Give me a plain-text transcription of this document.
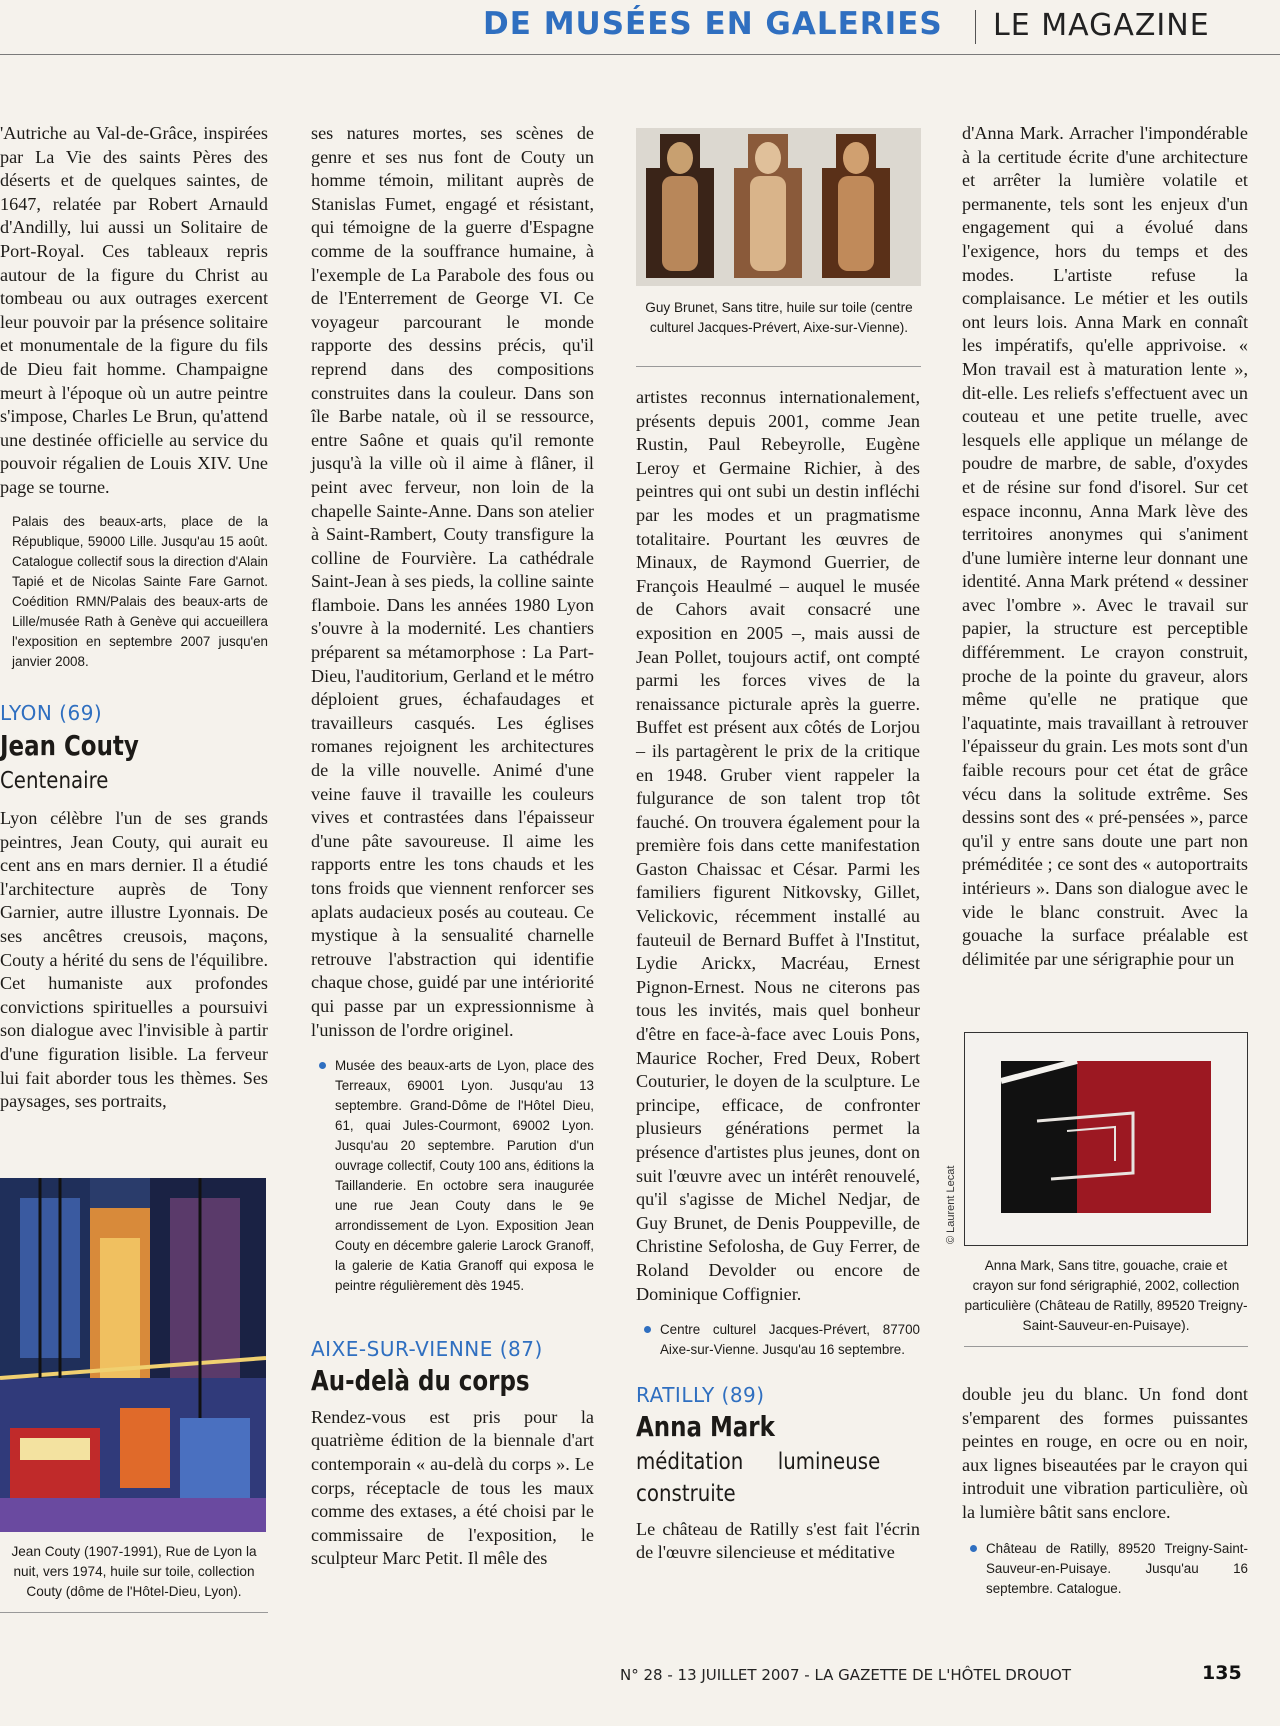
DE MUSÉES EN GALERIES LE MAGAZINE

'Autriche au Val-de-Grâce, inspirées par La Vie des saints Pères des déserts et de quelques saintes, de 1647, relatée par Robert Arnauld d'Andilly, lui aussi un Solitaire de Port-Royal. Ces tableaux repris autour de la figure du Christ au tombeau ou aux outrages exercent leur pouvoir par la présence solitaire et monumentale de la figure du fils de Dieu fait homme. Champaigne meurt à l'époque où un autre peintre s'impose, Charles Le Brun, qu'attend une destinée officielle au service du pouvoir régalien de Louis XIV. Une page se tourne.

Palais des beaux-arts, place de la République, 59000 Lille. Jusqu'au 15 août. Catalogue collectif sous la direction d'Alain Tapié et de Nicolas Sainte Fare Garnot. Coédition RMN/Palais des beaux-arts de Lille/musée Rath à Genève qui accueillera l'exposition en septembre 2007 jusqu'en janvier 2008.
LYON (69)
Jean Couty
Centenaire

Lyon célèbre l'un de ses grands peintres, Jean Couty, qui aurait eu cent ans en mars dernier. Il a étudié l'architecture auprès de Tony Garnier, autre illustre Lyonnais. De ses ancêtres creusois, maçons, Couty a hérité du sens de l'équilibre. Cet humaniste aux profondes convictions spirituelles a poursuivi son dialogue avec l'invisible à partir d'une figuration lisible. La ferveur lui fait aborder tous les thèmes. Ses paysages, ses portraits,

Jean Couty (1907-1991), Rue de Lyon la nuit, vers 1974, huile sur toile, collection Couty (dôme de l'Hôtel-Dieu, Lyon).

ses natures mortes, ses scènes de genre et ses nus font de Couty un homme témoin, militant auprès de Stanislas Fumet, engagé et résistant, qui témoigne de la guerre d'Espagne comme de la souffrance humaine, à l'exemple de La Parabole des fous ou de l'Enterrement de George VI. Ce voyageur parcourant le monde rapporte des dessins précis, qu'il reprend dans des compositions construites dans la couleur. Dans son île Barbe natale, où il se ressource, entre Saône et quais qu'il remonte jusqu'à la ville où il aime à flâner, il peint avec ferveur, non loin de la chapelle Sainte-Anne. Dans son atelier à Saint-Rambert, Couty transfigure la colline de Fourvière. La cathédrale Saint-Jean à ses pieds, la colline sainte flamboie. Dans les années 1980 Lyon s'ouvre à la modernité. Les chantiers préparent sa métamorphose : La Part-Dieu, l'auditorium, Gerland et le métro déploient grues, échafaudages et travailleurs casqués. Les églises romanes rejoignent les architectures de la ville nouvelle. Animé d'une veine fauve il travaille les couleurs vives et contrastées dans l'épaisseur d'une pâte savoureuse. Il aime les rapports entre les tons chauds et les tons froids que viennent renforcer ses aplats audacieux posés au couteau. Ce mystique à la sensualité charnelle retrouve l'abstraction qui identifie chaque chose, guidé par une intériorité qui passe par un expressionnisme à l'unisson de l'ordre originel.

Musée des beaux-arts de Lyon, place des Terreaux, 69001 Lyon. Jusqu'au 13 septembre. Grand-Dôme de l'Hôtel Dieu, 61, quai Jules-Courmont, 69002 Lyon. Jusqu'au 20 septembre. Parution d'un ouvrage collectif, Couty 100 ans, éditions la Taillanderie. En octobre sera inaugurée une rue Jean Couty dans le 9e arrondissement de Lyon. Exposition Jean Couty en décembre galerie Larock Granoff, la galerie de Katia Granoff qui exposa le peintre régulièrement dès 1945.
AIXE-SUR-VIENNE (87)
Au-delà du corps

Rendez-vous est pris pour la quatrième édition de la biennale d'art contemporain « au-delà du corps ». Le corps, réceptacle de tous les maux comme des extases, a été choisi par le commissaire de l'exposition, le sculpteur Marc Petit. Il mêle des

Guy Brunet, Sans titre, huile sur toile (centre culturel Jacques-Prévert, Aixe-sur-Vienne).

artistes reconnus internationalement, présents depuis 2001, comme Jean Rustin, Paul Rebeyrolle, Eugène Leroy et Germaine Richier, à des peintres qui ont subi un destin infléchi par les modes et un pragmatisme totalitaire. Pourtant les œuvres de Minaux, de Raymond Guerrier, de François Heaulmé – auquel le musée de Cahors avait consacré une exposition en 2005 –, mais aussi de Jean Pollet, toujours actif, ont compté parmi les forces vives de la renaissance picturale après la guerre. Buffet est présent aux côtés de Lorjou – ils partagèrent le prix de la critique en 1948. Gruber vient rappeler la fulgurance de son talent trop tôt fauché. On trouvera également pour la première fois dans cette manifestation Gaston Chaissac et César. Parmi les familiers figurent Nitkovsky, Gillet, Velickovic, récemment installé au fauteuil de Bernard Buffet à l'Institut, Lydie Arickx, Macréau, Ernest Pignon-Ernest. Nous ne citerons pas tous les invités, mais quel bonheur d'être en face-à-face avec Louis Pons, Maurice Rocher, Fred Deux, Robert Couturier, le doyen de la sculpture. Le principe, efficace, de confronter plusieurs générations permet la présence d'artistes plus jeunes, dont on suit l'œuvre avec un intérêt renouvelé, qu'il s'agisse de Michel Nedjar, de Guy Brunet, de Denis Pouppeville, de Christine Sefolosha, de Guy Ferrer, de Roland Devolder ou encore de Dominique Coffignier.

Centre culturel Jacques-Prévert, 87700 Aixe-sur-Vienne. Jusqu'au 16 septembre.
RATILLY (89)
Anna Mark
méditation lumineuse construite

Le château de Ratilly s'est fait l'écrin de l'œuvre silencieuse et méditative

d'Anna Mark. Arracher l'impondérable à la certitude écrite d'une architecture et arrêter la lumière volatile et permanente, tels sont les enjeux d'un engagement qui a évolué dans l'exigence, hors du temps et des modes. L'artiste refuse la complaisance. Le métier et les outils ont leurs lois. Anna Mark en connaît les impératifs, qu'elle apprivoise. « Mon travail est à maturation lente », dit-elle. Les reliefs s'effectuent avec un couteau et une petite truelle, avec lesquels elle applique un mélange de poudre de marbre, de sable, d'oxydes et de résine sur fond d'isorel. Sur cet espace inconnu, Anna Mark lève des territoires anonymes qui s'animent d'une lumière interne leur donnant une identité. Anna Mark prétend « dessiner avec l'ombre ». Avec le travail sur papier, la structure est perceptible différemment. Le crayon construit, proche de la pointe du graveur, alors même qu'elle ne pratique que l'aquatinte, mais travaillant à retrouver l'épaisseur du grain. Les mots sont d'un faible recours pour cet état de grâce vécu dans la solitude extrême. Ses dessins sont des « pré-pensées », parce qu'il y entre sans doute une part non préméditée ; ce sont des « autoportraits intérieurs ». Dans son dialogue avec le vide le blanc construit. Avec la gouache la surface préalable est délimitée par une sérigraphie pour un

© Laurent Lecat
Anna Mark, Sans titre, gouache, craie et crayon sur fond sérigraphié, 2002, collection particulière (Château de Ratilly, 89520 Treigny-Saint-Sauveur-en-Puisaye).

double jeu du blanc. Un fond dont s'emparent des formes puissantes peintes en rouge, en ocre ou en noir, aux lignes biseautées par le crayon qui introduit une vibration particulière, où la lumière bâtit sans enclore.

Château de Ratilly, 89520 Treigny-Saint-Sauveur-en-Puisaye. Jusqu'au 16 septembre. Catalogue.
N° 28 - 13 JUILLET 2007 - LA GAZETTE DE L'HÔTEL DROUOT	135
